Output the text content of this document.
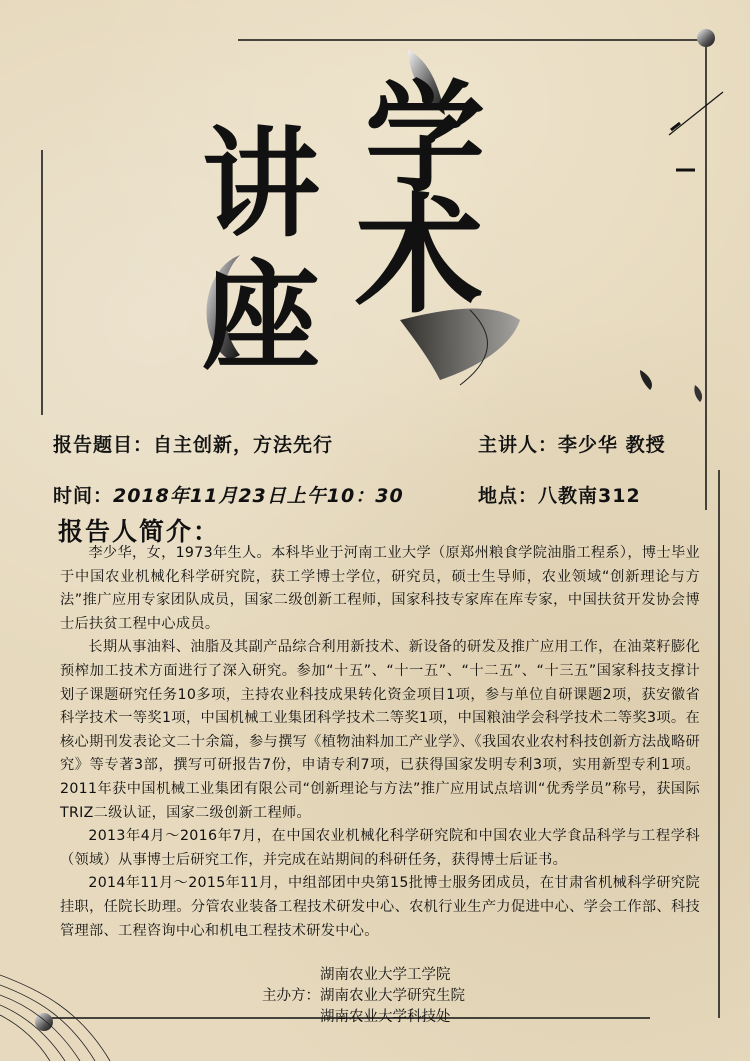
讲
座
学
术
报告题目：自主创新，方法先行	主讲人：李少华 教授
时间：2018年11月23日上午10：30	地点：八教南312
报告人简介：

李少华，女，1973年生人。本科毕业于河南工业大学（原郑州粮食学院油脂工程系），博士毕业于中国农业机械化科学研究院，获工学博士学位，研究员，硕士生导师，农业领域“创新理论与方法”推广应用专家团队成员，国家二级创新工程师，国家科技专家库在库专家，中国扶贫开发协会博士后扶贫工程中心成员。

长期从事油料、油脂及其副产品综合利用新技术、新设备的研发及推广应用工作，在油菜籽膨化预榨加工技术方面进行了深入研究。参加“十五”、“十一五”、“十二五”、“十三五”国家科技支撑计划子课题研究任务10多项，主持农业科技成果转化资金项目1项，参与单位自研课题2项，获安徽省科学技术一等奖1项，中国机械工业集团科学技术二等奖1项，中国粮油学会科学技术二等奖3项。在核心期刊发表论文二十余篇，参与撰写《植物油料加工产业学》、《我国农业农村科技创新方法战略研究》等专著3部，撰写可研报告7份，申请专利7项，已获得国家发明专利3项，实用新型专利1项。2011年获中国机械工业集团有限公司“创新理论与方法”推广应用试点培训“优秀学员”称号，获国际TRIZ二级认证，国家二级创新工程师。

2013年4月～2016年7月，在中国农业机械化科学研究院和中国农业大学食品科学与工程学科（领域）从事博士后研究工作，并完成在站期间的科研任务，获得博士后证书。

2014年11月～2015年11月，中组部团中央第15批博士服务团成员，在甘肃省机械科学研究院挂职，任院长助理。分管农业装备工程技术研发中心、农机行业生产力促进中心、学会工作部、科技管理部、工程咨询中心和机电工程技术研发中心。

湖南农业大学工学院
主办方：湖南农业大学研究生院
湖南农业大学科技处
